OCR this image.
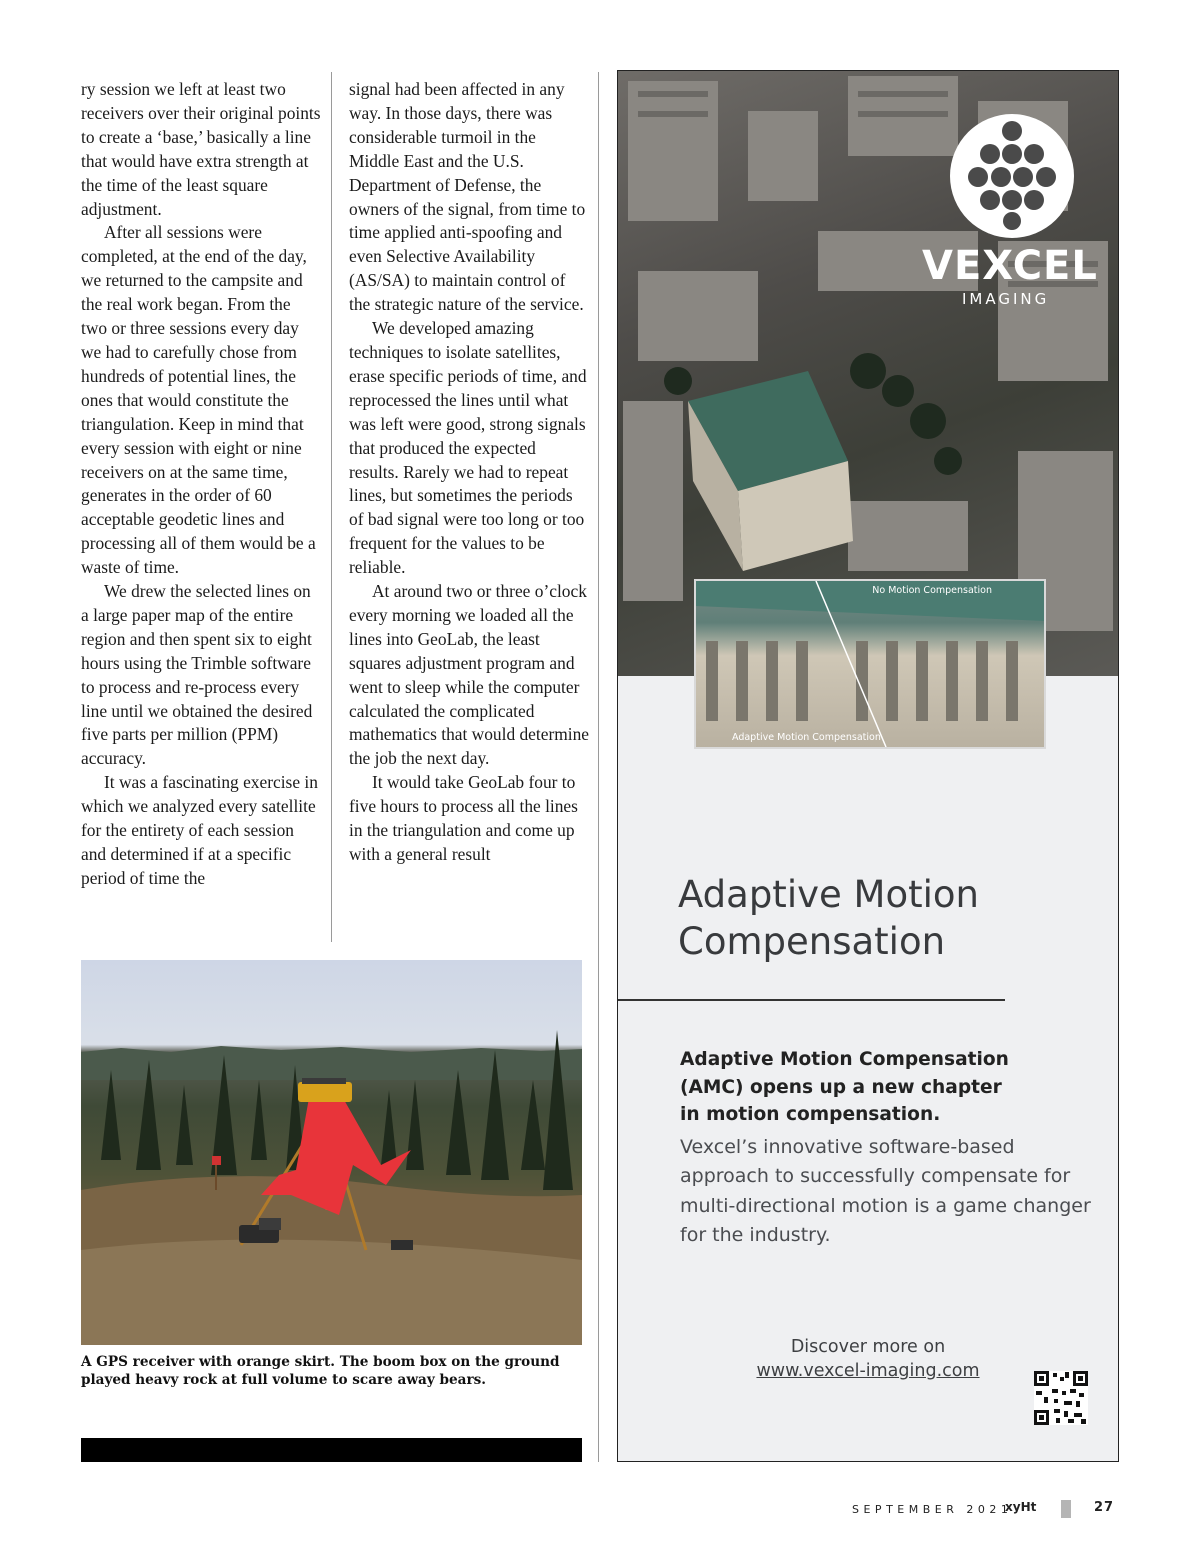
ry session we left at least two receivers over their original points to create a ‘base,’ basically a line that would have extra strength at the time of the least square adjustment.

After all sessions were completed, at the end of the day, we returned to the campsite and the real work began. From the two or three sessions every day we had to carefully chose from hundreds of potential lines, the ones that would constitute the triangulation. Keep in mind that every session with eight or nine receivers on at the same time, generates in the order of 60 acceptable geodetic lines and processing all of them would be a waste of time.

We drew the selected lines on a large paper map of the entire region and then spent six to eight hours using the Trimble software to process and re-process every line until we obtained the desired five parts per million (PPM) accuracy.

It was a fascinating exercise in which we analyzed every satellite for the entirety of each session and determined if at a specific period of time the

signal had been affected in any way. In those days, there was considerable turmoil in the Middle East and the U.S. Department of Defense, the owners of the signal, from time to time applied anti-spoofing and even Selective Availability (AS/SA) to maintain control of the strategic nature of the service.

We developed amazing techniques to isolate satellites, erase specific periods of time, and reprocessed the lines until what was left were good, strong signals that produced the expected results. Rarely we had to repeat lines, but sometimes the periods of bad signal were too long or too frequent for the values to be reliable.

At around two or three o’clock every morning we loaded all the lines into GeoLab, the least squares adjustment program and went to sleep while the computer calculated the complicated mathematics that would determine the job the next day.

It would take GeoLab four to five hours to process all the lines in the triangulation and come up with a general result

A GPS receiver with orange skirt. The boom box on the ground played heavy rock at full volume to scare away bears.
VEXCEL
IMAGING
No Motion Compensation
Adaptive Motion Compensation
Adaptive Motion
Compensation
Adaptive Motion Compensation
(AMC) opens up a new chapter
in motion compensation.
Vexcel’s innovative software-based approach to successfully compensate for multi-directional motion is a game changer for the industry.
Discover more on
www.vexcel-imaging.com
SEPTEMBER 2021
xyHt	27
